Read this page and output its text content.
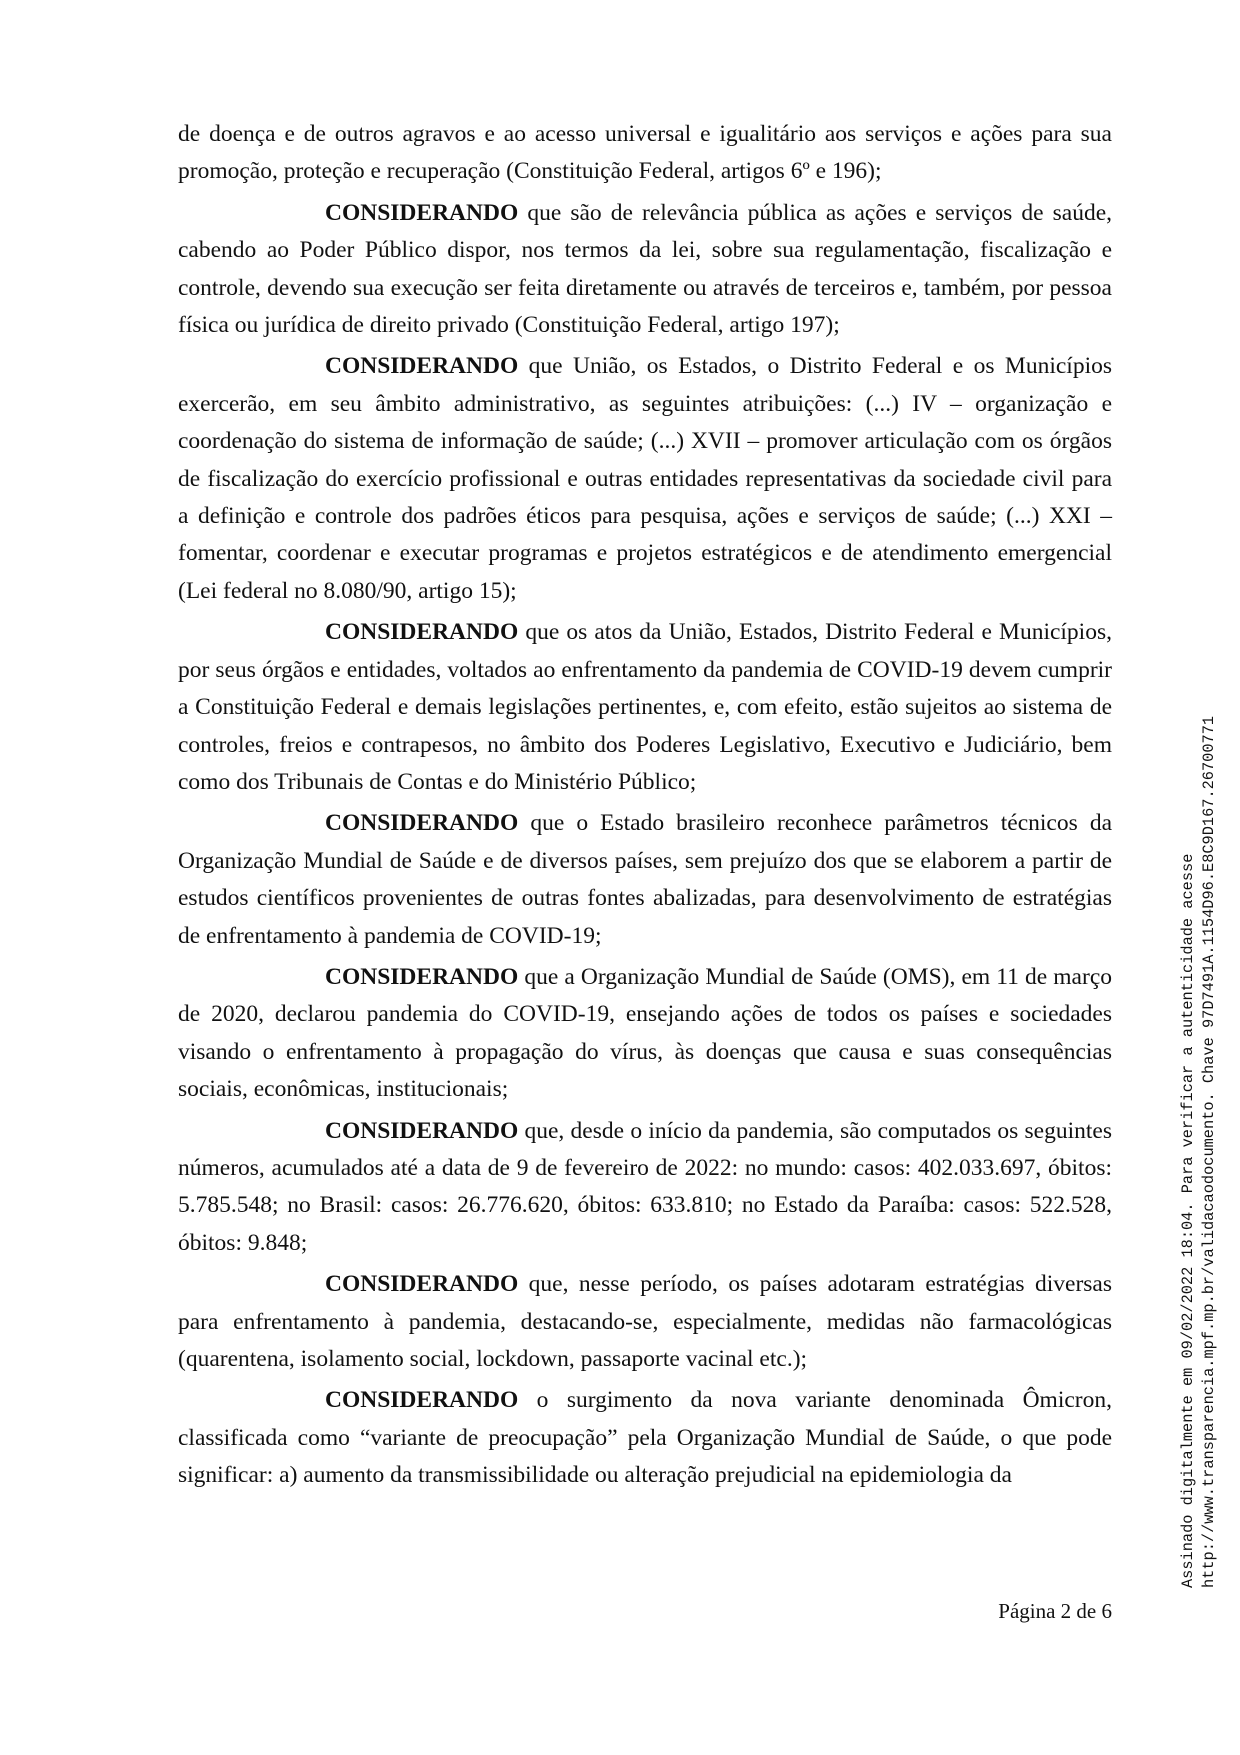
de doença e de outros agravos e ao acesso universal e igualitário aos serviços e ações para sua promoção, proteção e recuperação (Constituição Federal, artigos 6º e 196);

CONSIDERANDO que são de relevância pública as ações e serviços de saúde, cabendo ao Poder Público dispor, nos termos da lei, sobre sua regulamentação, fiscalização e controle, devendo sua execução ser feita diretamente ou através de terceiros e, também, por pessoa física ou jurídica de direito privado (Constituição Federal, artigo 197);

CONSIDERANDO que União, os Estados, o Distrito Federal e os Municípios exercerão, em seu âmbito administrativo, as seguintes atribuições: (...) IV – organização e coordenação do sistema de informação de saúde; (...) XVII – promover articulação com os órgãos de fiscalização do exercício profissional e outras entidades representativas da sociedade civil para a definição e controle dos padrões éticos para pesquisa, ações e serviços de saúde; (...) XXI – fomentar, coordenar e executar programas e projetos estratégicos e de atendimento emergencial (Lei federal no 8.080/90, artigo 15);

CONSIDERANDO que os atos da União, Estados, Distrito Federal e Municípios, por seus órgãos e entidades, voltados ao enfrentamento da pandemia de COVID-19 devem cumprir a Constituição Federal e demais legislações pertinentes, e, com efeito, estão sujeitos ao sistema de controles, freios e contrapesos, no âmbito dos Poderes Legislativo, Executivo e Judiciário, bem como dos Tribunais de Contas e do Ministério Público;

CONSIDERANDO que o Estado brasileiro reconhece parâmetros técnicos da Organização Mundial de Saúde e de diversos países, sem prejuízo dos que se elaborem a partir de estudos científicos provenientes de outras fontes abalizadas, para desenvolvimento de estratégias de enfrentamento à pandemia de COVID-19;

CONSIDERANDO que a Organização Mundial de Saúde (OMS), em 11 de março de 2020, declarou pandemia do COVID-19, ensejando ações de todos os países e sociedades visando o enfrentamento à propagação do vírus, às doenças que causa e suas consequências sociais, econômicas, institucionais;

CONSIDERANDO que, desde o início da pandemia, são computados os seguintes números, acumulados até a data de 9 de fevereiro de 2022: no mundo: casos: 402.033.697, óbitos: 5.785.548; no Brasil: casos: 26.776.620, óbitos: 633.810; no Estado da Paraíba: casos: 522.528, óbitos: 9.848;

CONSIDERANDO que, nesse período, os países adotaram estratégias diversas para enfrentamento à pandemia, destacando-se, especialmente, medidas não farmacológicas (quarentena, isolamento social, lockdown, passaporte vacinal etc.);

CONSIDERANDO o surgimento da nova variante denominada Ômicron, classificada como “variante de preocupação” pela Organização Mundial de Saúde, o que pode significar: a) aumento da transmissibilidade ou alteração prejudicial na epidemiologia da

Página 2 de 6
Assinado digitalmente em 09/02/2022 18:04. Para verificar a autenticidade acesse http://www.transparencia.mpf.mp.br/validacaodocumento. Chave 97D7491A.1154D96.E8C9D167.26700771
